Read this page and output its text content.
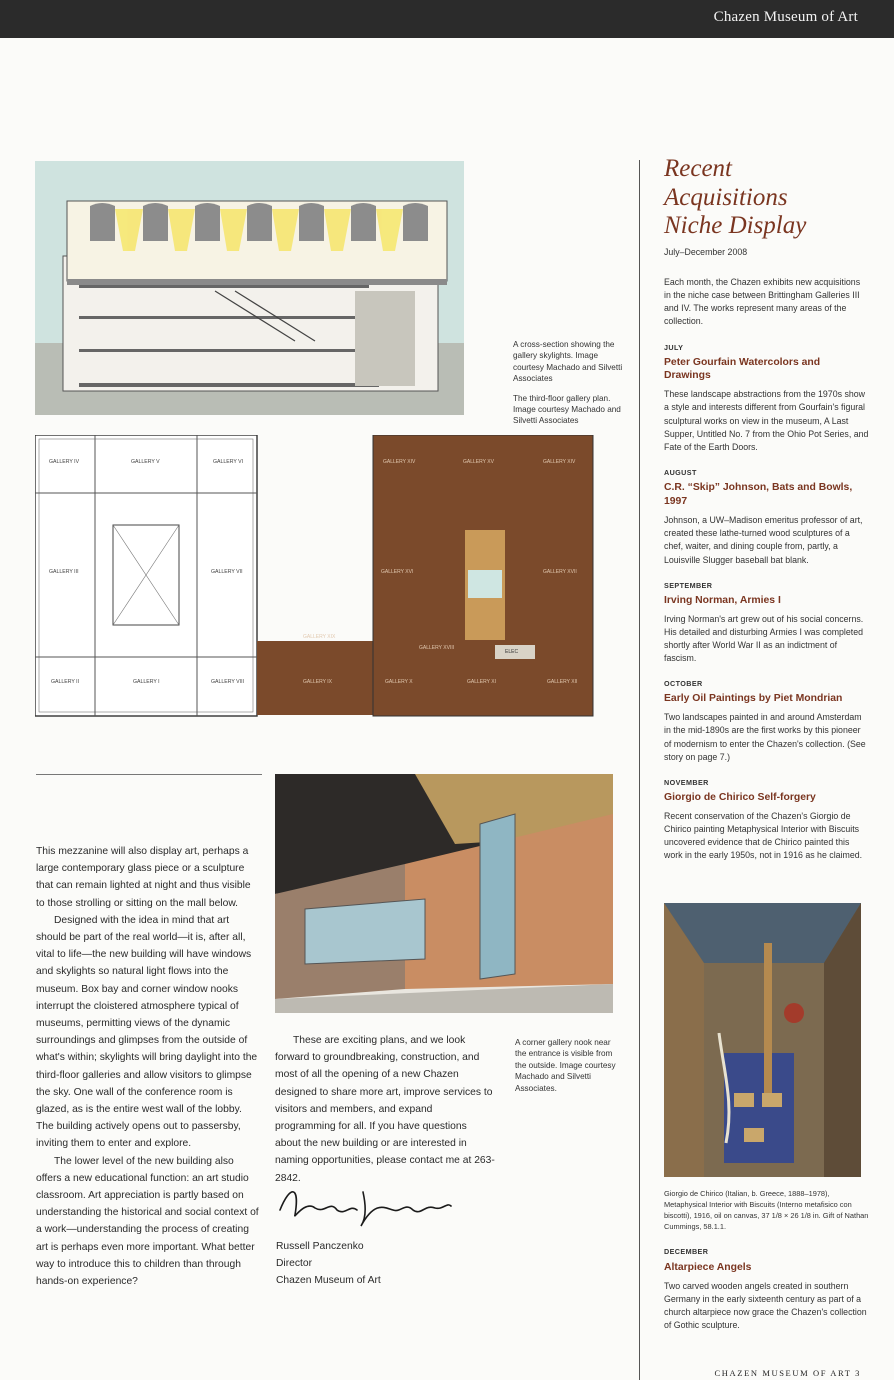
Chazen Museum of Art

A cross-section showing the gallery skylights. Image courtesy Machado and Silvetti Associates

The third-floor gallery plan. Image courtesy Machado and Silvetti Associates

GALLERY IV	GALLERY V	GALLERY VI
GALLERY III	GALLERY VII
GALLERY II	GALLERY I	GALLERY VIII
GALLERY XIV	GALLERY XV	GALLERY XIV
GALLERY XVI	GALLERY XVII
GALLERY XIX
GALLERY XVIII
ELEC
GALLERY IX	GALLERY X	GALLERY XI	GALLERY XII

This mezzanine will also display art, perhaps a large contemporary glass piece or a sculpture that can remain lighted at night and thus visible to those strolling or sitting on the mall below.

Designed with the idea in mind that art should be part of the real world—it is, after all, vital to life—the new building will have windows and skylights so natural light flows into the museum. Box bay and corner window nooks interrupt the cloistered atmosphere typical of museums, permitting views of the dynamic surroundings and glimpses from the outside of what's within; skylights will bring daylight into the third-floor galleries and allow visitors to glimpse the sky. One wall of the conference room is glazed, as is the entire west wall of the lobby. The building actively opens out to passersby, inviting them to enter and explore.

The lower level of the new building also offers a new educational function: an art studio classroom. Art appreciation is partly based on understanding the historical and social context of a work—understanding the process of creating art is perhaps even more important. What better way to introduce this to children than through hands-on experience?

These are exciting plans, and we look forward to groundbreaking, construction, and most of all the opening of a new Chazen designed to share more art, improve services to visitors and members, and expand programming for all. If you have questions about the new building or are interested in naming opportunities, please contact me at 263-2842.

A corner gallery nook near the entrance is visible from the outside. Image courtesy Machado and Silvetti Associates.
Russell Panczenko
Director
Chazen Museum of Art
Recent
Acquisitions
Niche Display
July–December 2008
Each month, the Chazen exhibits new acquisitions in the niche case between Brittingham Galleries III and IV. The works represent many areas of the collection.
JULY
Peter Gourfain Watercolors and Drawings
These landscape abstractions from the 1970s show a style and interests different from Gourfain's figural sculptural works on view in the museum, A Last Supper, Untitled No. 7 from the Ohio Pot Series, and Fate of the Earth Doors.
AUGUST
C.R. “Skip” Johnson, Bats and Bowls, 1997
Johnson, a UW–Madison emeritus professor of art, created these lathe-turned wood sculptures of a chef, waiter, and dining couple from, partly, a Louisville Slugger baseball bat blank.
SEPTEMBER
Irving Norman, Armies I
Irving Norman's art grew out of his social concerns. His detailed and disturbing Armies I was completed shortly after World War II as an indictment of fascism.
OCTOBER
Early Oil Paintings by Piet Mondrian
Two landscapes painted in and around Amsterdam in the mid-1890s are the first works by this pioneer of modernism to enter the Chazen's collection. (See story on page 7.)
NOVEMBER
Giorgio de Chirico Self-forgery
Recent conservation of the Chazen's Giorgio de Chirico painting Metaphysical Interior with Biscuits uncovered evidence that de Chirico painted this work in the early 1950s, not in 1916 as he claimed.
Giorgio de Chirico (Italian, b. Greece, 1888–1978), Metaphysical Interior with Biscuits (Interno metafisico con biscotti), 1916, oil on canvas, 37 1/8 × 26 1/8 in. Gift of Nathan Cummings, 58.1.1.
DECEMBER
Altarpiece Angels
Two carved wooden angels created in southern Germany in the early sixteenth century as part of a church altarpiece now grace the Chazen's collection of Gothic sculpture.
CHAZEN MUSEUM OF ART 3
